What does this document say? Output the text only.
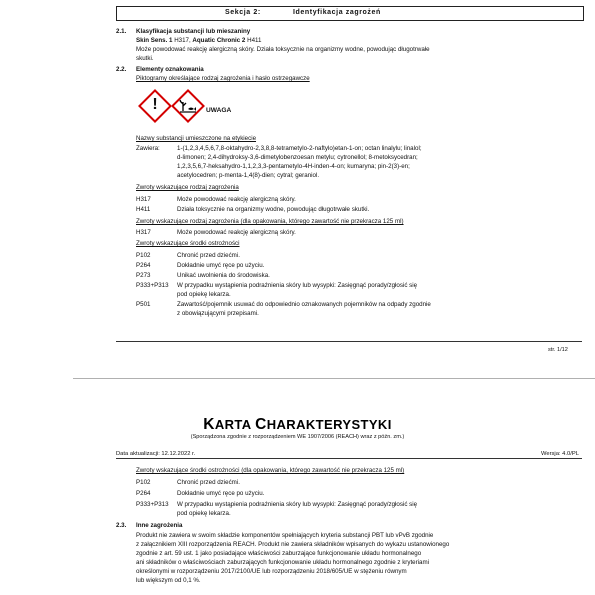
Sekcja 2:	Identyfikacja zagrożeń
2.1. Klasyfikacja substancji lub mieszaniny
Skin Sens. 1 H317, Aquatic Chronic 2 H411
Może powodować reakcję alergiczną skóry. Działa toksycznie na organizmy wodne, powodując długotrwałe
skutki.
2.2. Elementy oznakowania
Piktogramy określające rodzaj zagrożenia i hasło ostrzegawcze
!	UWAGA
Nazwy substancji umieszczone na etykiecie
Zawiera:	1-(1,2,3,4,5,6,7,8-oktahydro-2,3,8,8-tetrametylo-2-naftylo)etan-1-on; octan linalylu; linalol;
d-limonen; 2,4-dihydroksy-3,6-dimetylobenzoesan metylu; cytronellol; 8-metoksycedran;
1,2,3,5,6,7-heksahydro-1,1,2,3,3-pentametylo-4H-inden-4-on; kumaryna; pin-2(3)-en;
acetylocedren; p-menta-1,4(8)-dien; cytral; geraniol.
Zwroty wskazujące rodzaj zagrożenia
H317	Może powodować reakcję alergiczną skóry.
H411	Działa toksycznie na organizmy wodne, powodując długotrwałe skutki.
Zwroty wskazujące rodzaj zagrożenia (dla opakowania, którego zawartość nie przekracza 125 ml)
H317	Może powodować reakcję alergiczną skóry.
Zwroty wskazujące środki ostrożności
P102	Chronić przed dziećmi.
P264	Dokładnie umyć ręce po użyciu.
P273	Unikać uwolnienia do środowiska.
P333+P313 W przypadku wystąpienia podrażnienia skóry lub wysypki: Zasięgnąć porady/zgłosić się
pod opiekę lekarza.
P501	Zawartość/pojemnik usuwać do odpowiednio oznakowanych pojemników na odpady zgodnie
z obowiązującymi przepisami.
str. 1/12
KARTA CHARAKTERYSTYKI
(Sporządzona zgodnie z rozporządzeniem WE 1907/2006 (REACH) wraz z późn. zm.)
Data aktualizacji: 12.12.2022 r.	Wersja: 4.0/PL
Zwroty wskazujące środki ostrożności (dla opakowania, którego zawartość nie przekracza 125 ml)
P102	Chronić przed dziećmi.
P264	Dokładnie umyć ręce po użyciu.
P333+P313 W przypadku wystąpienia podrażnienia skóry lub wysypki: Zasięgnąć porady/zgłosić się
pod opiekę lekarza.
2.3. Inne zagrożenia
Produkt nie zawiera w swoim składzie komponentów spełniających kryteria substancji PBT lub vPvB zgodnie
z załącznikiem XIII rozporządzenia REACH. Produkt nie zawiera składników wpisanych do wykazu ustanowionego
zgodnie z art. 59 ust. 1 jako posiadające właściwości zaburzające funkcjonowanie układu hormonalnego
ani składników o właściwościach zaburzających funkcjonowanie układu hormonalnego zgodnie z kryteriami
określonymi w rozporządzeniu 2017/2100/UE lub rozporządzeniu 2018/605/UE w stężeniu równym
lub większym od 0,1 %.
